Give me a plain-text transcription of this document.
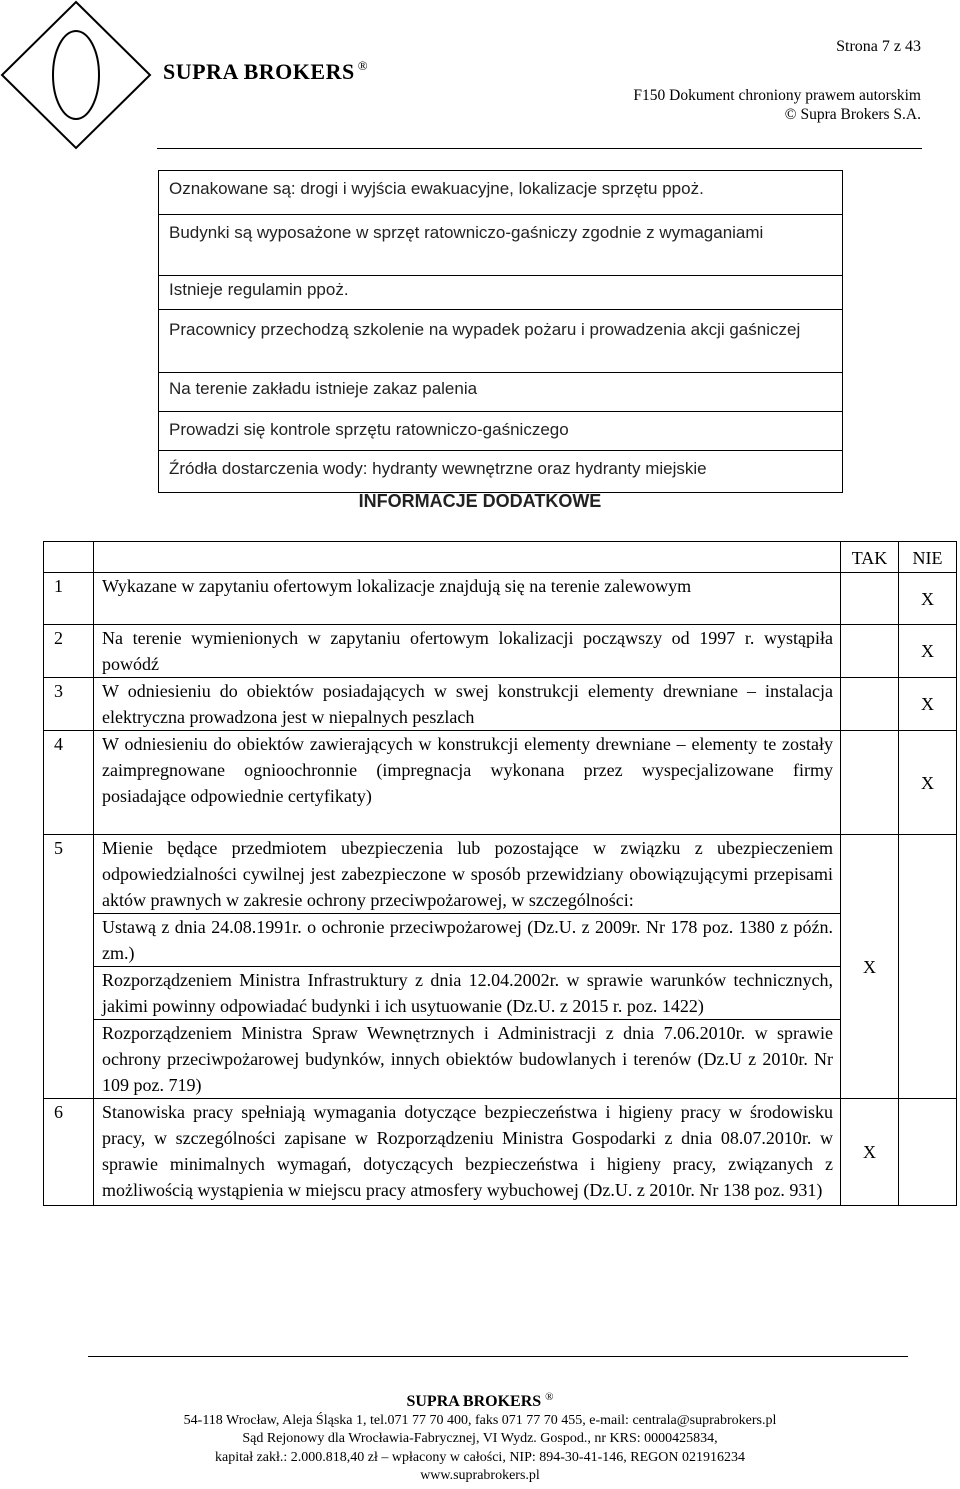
SUPRA BROKERS ®
Strona 7 z 43
F150 Dokument chroniony prawem autorskim
© Supra Brokers S.A.
Oznakowane są: drogi i wyjścia ewakuacyjne, lokalizacje sprzętu ppoż.
Budynki są wyposażone w sprzęt ratowniczo-gaśniczy zgodnie z wymaganiami
Istnieje regulamin ppoż.
Pracownicy przechodzą szkolenie na wypadek pożaru i prowadzenia akcji gaśniczej
Na terenie zakładu istnieje zakaz palenia
Prowadzi się kontrole sprzętu ratowniczo-gaśniczego
Źródła dostarczenia wody: hydranty wewnętrzne oraz hydranty miejskie
INFORMACJE DODATKOWE
		TAK	NIE
1	Wykazane w zapytaniu ofertowym lokalizacje znajdują się na terenie zalewowym		X
2	Na terenie wymienionych w zapytaniu ofertowym lokalizacji począwszy od 1997 r. wystąpiła powódź		X
3	W odniesieniu do obiektów posiadających w swej konstrukcji elementy drewniane – instalacja elektryczna prowadzona jest w niepalnych peszlach		X
4	W odniesieniu do obiektów zawierających w konstrukcji elementy drewniane – elementy te zostały zaimpregnowane ognioochronnie (impregnacja wykonana przez wyspecjalizowane firmy posiadające odpowiednie certyfikaty)		X
5	Mienie będące przedmiotem ubezpieczenia lub pozostające w związku z ubezpieczeniem odpowiedzialności cywilnej jest zabezpieczone w sposób przewidziany obowiązującymi przepisami aktów prawnych w zakresie ochrony przeciwpożarowej, w szczególności:
Ustawą z dnia 24.08.1991r. o ochronie przeciwpożarowej (Dz.U. z 2009r. Nr 178 poz. 1380 z późn. zm.)
Rozporządzeniem Ministra Infrastruktury z dnia 12.04.2002r. w sprawie warunków technicznych, jakimi powinny odpowiadać budynki i ich usytuowanie (Dz.U. z 2015 r. poz. 1422)
Rozporządzeniem Ministra Spraw Wewnętrznych i Administracji z dnia 7.06.2010r. w sprawie ochrony przeciwpożarowej budynków, innych obiektów budowlanych i terenów (Dz.U z 2010r. Nr 109 poz. 719)	X	
6	Stanowiska pracy spełniają wymagania dotyczące bezpieczeństwa i higieny pracy w środowisku pracy, w szczególności zapisane w Rozporządzeniu Ministra Gospodarki z dnia 08.07.2010r. w sprawie minimalnych wymagań, dotyczących bezpieczeństwa i higieny pracy, związanych z możliwością wystąpienia w miejscu pracy atmosfery wybuchowej (Dz.U. z 2010r. Nr 138 poz. 931)	X	
SUPRA BROKERS ®
54-118 Wrocław, Aleja Śląska 1, tel.071 77 70 400, faks 071 77 70 455, e-mail: centrala@suprabrokers.pl
Sąd Rejonowy dla Wrocławia-Fabrycznej, VI Wydz. Gospod., nr KRS: 0000425834,
kapitał zakł.: 2.000.818,40 zł – wpłacony w całości, NIP: 894-30-41-146, REGON 021916234
www.suprabrokers.pl
